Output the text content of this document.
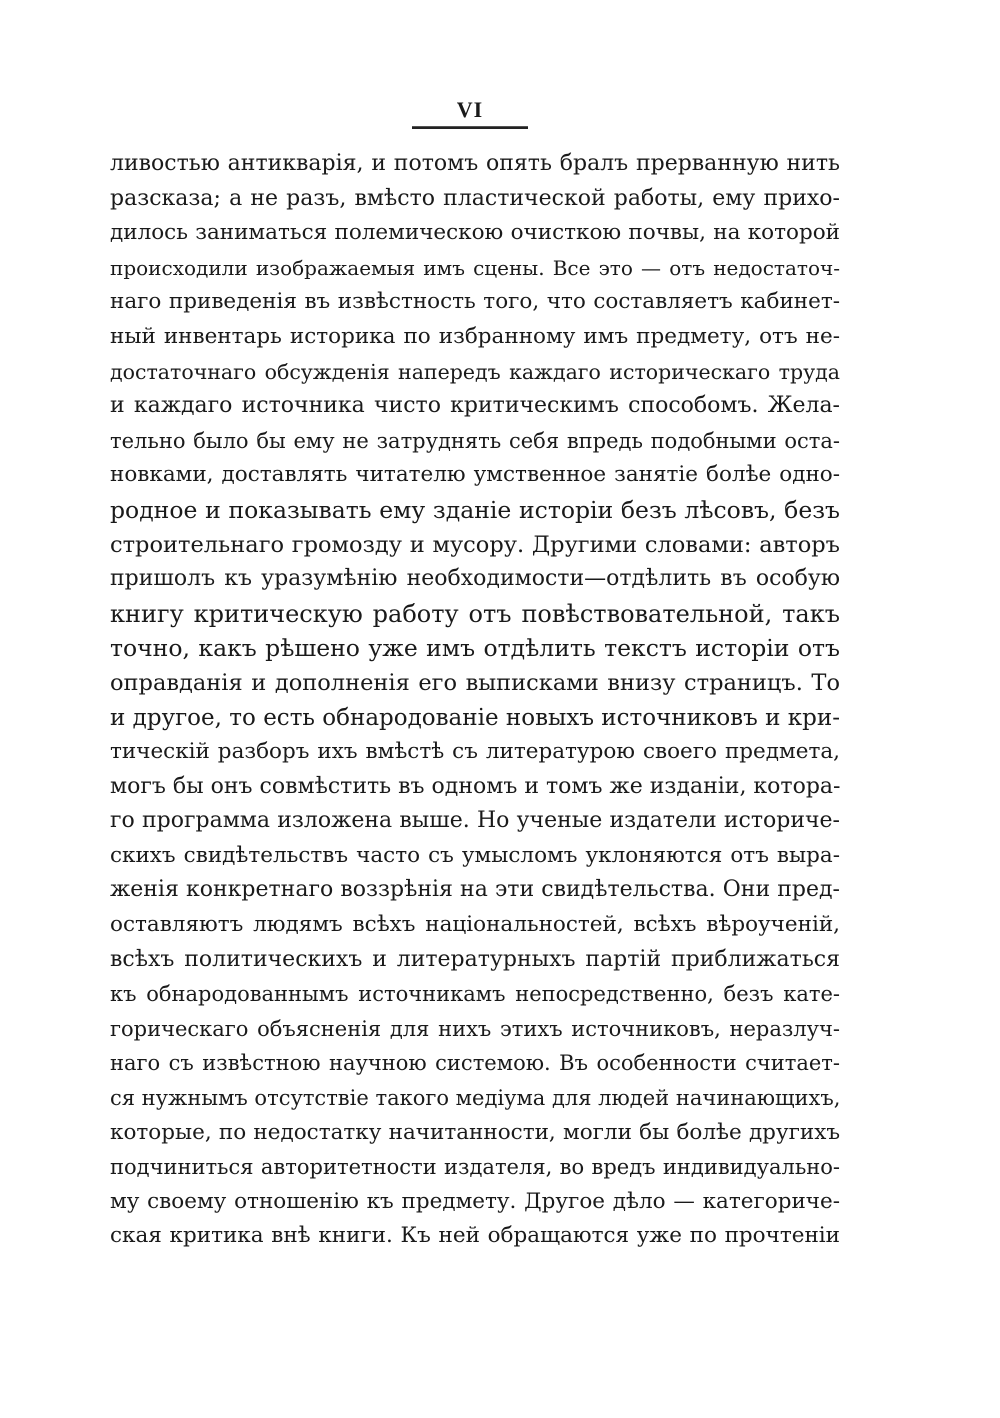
VI
ливостью антикварія, и потомъ опять бралъ прерванную нить
разсказа; а не разъ, вмѣсто пластической работы, ему прихо-
дилось заниматься полемическою очисткою почвы, на которой
происходили изображаемыя имъ сцены. Все это — отъ недостаточ-
наго приведенія въ извѣстность того, что составляетъ кабинет-
ный инвентарь историка по избранному имъ предмету, отъ не-
достаточнаго обсужденія напередъ каждаго историческаго труда
и каждаго источника чисто критическимъ способомъ. Жела-
тельно было бы ему не затруднять себя впредь подобными оста-
новками, доставлять читателю умственное занятіе болѣе одно-
родное и показывать ему зданіе исторіи безъ лѣсовъ, безъ
строительнаго громозду и мусору. Другими словами: авторъ
пришолъ къ уразумѣнію необходимости—отдѣлить въ особую
книгу критическую работу отъ повѣствовательной, такъ
точно, какъ рѣшено уже имъ отдѣлить текстъ исторіи отъ
оправданія и дополненія его выписками внизу страницъ. То
и другое, то есть обнародованіе новыхъ источниковъ и кри-
тическій разборъ ихъ вмѣстѣ съ литературою своего предмета,
могъ бы онъ совмѣстить въ одномъ и томъ же изданіи, которa-
го программа изложена выше. Но ученые издатели историче-
скихъ свидѣтельствъ часто съ умысломъ уклоняются отъ выра-
женія конкретнаго воззрѣнія на эти свидѣтельства. Они пред-
оставляютъ людямъ всѣхъ національностей, всѣхъ вѣроученій,
всѣхъ политическихъ и литературныхъ партій приближаться
къ обнародованнымъ источникамъ непосредственно, безъ кате-
горическаго объясненія для нихъ этихъ источниковъ, неразлуч-
наго съ извѣстною научною системою. Въ особенности считает-
ся нужнымъ отсутствіе такого медіума для людей начинающихъ,
которые, по недостатку начитанности, могли бы болѣе другихъ
подчиниться авторитетности издателя, во вредъ индивидуально-
му своему отношенію къ предмету. Другое дѣло — категориче-
ская критика внѣ книги. Къ ней обращаются уже по прочтеніи
